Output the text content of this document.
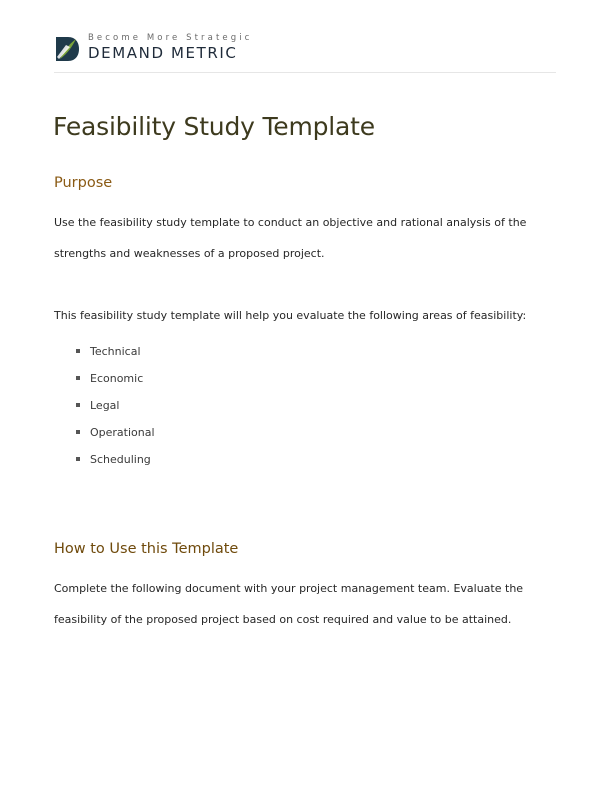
Become More Strategic
DEMAND METRIC
Feasibility Study Template
Purpose
Use the feasibility study template to conduct an objective and rational analysis of the
strengths and weaknesses of a proposed project.
This feasibility study template will help you evaluate the following areas of feasibility:
Technical
Economic
Legal
Operational
Scheduling
How to Use this Template
Complete the following document with your project management team. Evaluate the
feasibility of the proposed project based on cost required and value to be attained.
